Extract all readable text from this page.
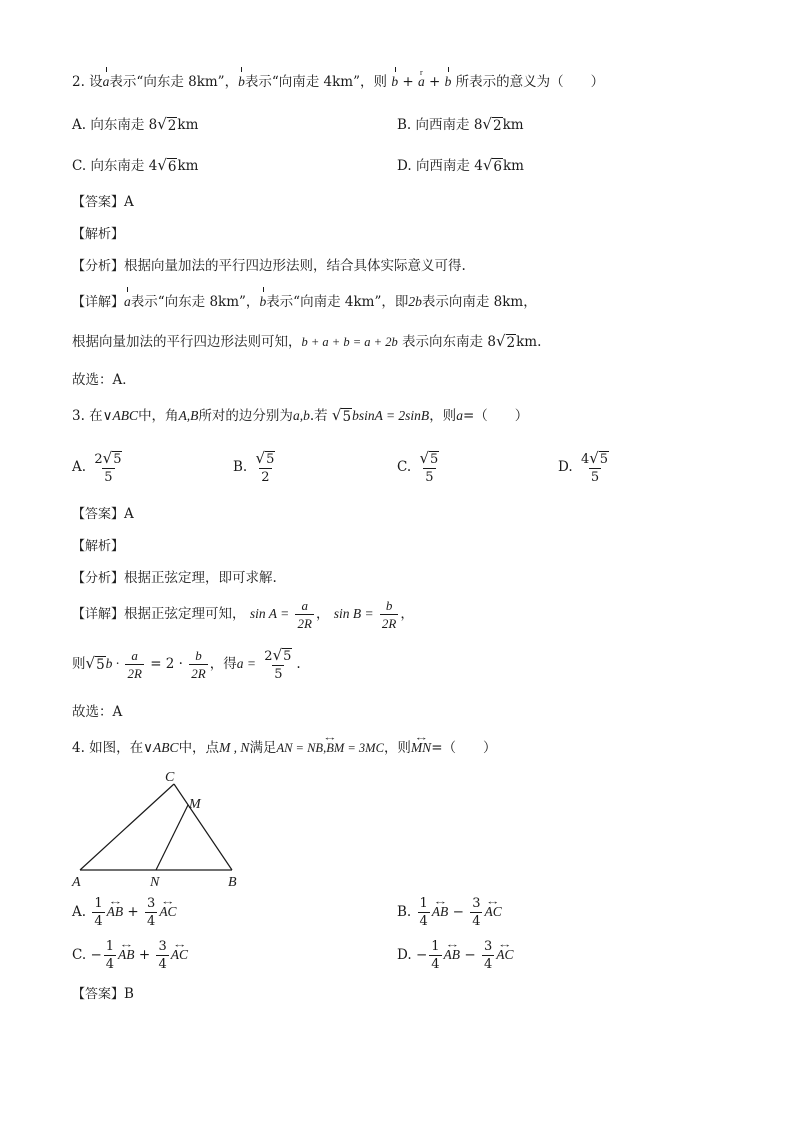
2. 设a表示“向东走 8km”，b表示“向南走 4km”，则 b + r a + b 所表示的意义为（　　）
A. 向东南走 8 √ 2 km	B. 向西南走 8 √ 2 km
C. 向东南走 4 √ 6 km	D. 向西南走 4 √ 6 km
【答案】A
【解析】
【分析】根据向量加法的平行四边形法则，结合具体实际意义可得.
【详解】a表示“向东走 8km”，b表示“向南走 4km”，即2b表示向南走 8km，
根据向量加法的平行四边形法则可知，b + a + b = a + 2b 表示向东南走 8 √ 2 km.
故选：A．
3. 在∨ABC中，角A,B所对的边分别为a,b.若 √ 5 bsinA = 2sinB，则a=（　　）
A. $\frac{2 √ 5}{5}$	B. $\frac{√ 5}{2}$	C. $\frac{√ 5}{5}$	D. $\frac{4 √ 5}{5}$
【答案】A
【解析】
【分析】根据正弦定理，即可求解.
【详解】根据正弦定理可知， $\sin A = \frac{a}{2R}$ ， $\sin B = \frac{b}{2R}$ ，
则 √ 5 $b \cdot \frac{a}{2R} = 2 \cdot \frac{b}{2R}$ ，得$a = \frac{2 √ 5}{5}$ .
故选：A
4. 如图，在∨ABC中，点M , N满足↔ AN = NB,BM = 3MC，则↔ MN=（　　）
A	B
C
M
N
A. $\frac{1}{4}$ ↔ AB + $\frac{3}{4}$ ↔ AC	B. $\frac{1}{4}$ ↔ AB − $\frac{3}{4}$ ↔ AC
C. − $\frac{1}{4}$ ↔ AB + $\frac{3}{4}$ ↔ AC	D. − $\frac{1}{4}$ ↔ AB − $\frac{3}{4}$ ↔ AC
【答案】B
